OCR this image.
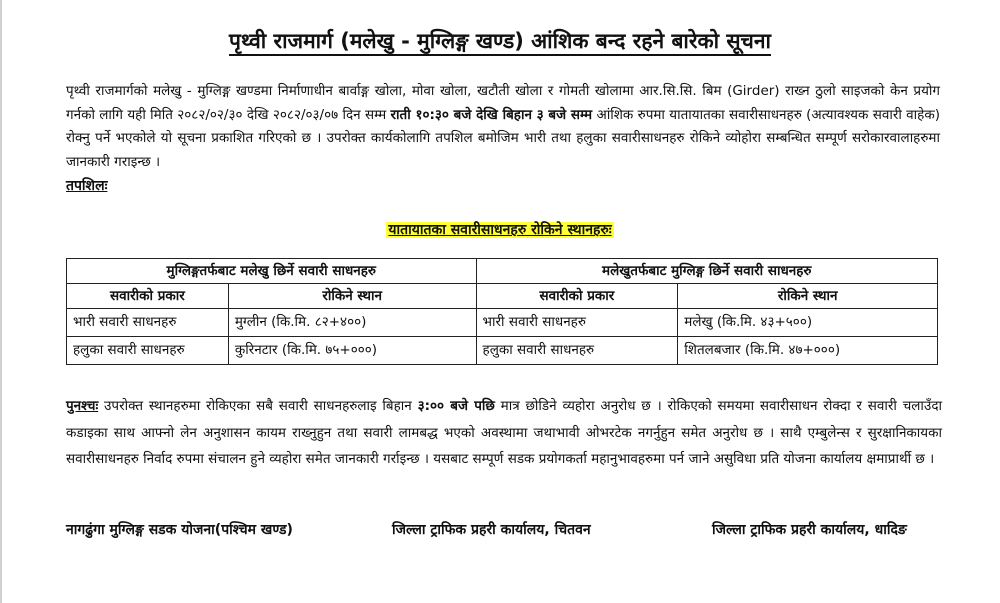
पृथ्वी राजमार्ग (मलेखु - मुग्लिङ्ग खण्ड) आंशिक बन्द रहने बारेको सूचना
पृथ्वी राजमार्गको मलेखु - मुग्लिङ्ग खण्डमा निर्माणाधीन बार्वाङ्ग खोला, मोवा खोला, खटौती खोला र गोमती खोलामा आर.सि.सि. बिम (Girder) राख्न ठुलो साइजको केन प्रयोग गर्नको लागि यही मिति २०८२/०२/३० देखि २०८२/०३/०७ दिन सम्म राती १०:३० बजे देखि बिहान ३ बजे सम्म आंशिक रुपमा यातायातका सवारीसाधनहरु (अत्यावश्यक सवारी वाहेक) रोक्नु पर्ने भएकोले यो सूचना प्रकाशित गरिएको छ । उपरोक्त कार्यकोलागि तपशिल बमोजिम भारी तथा हलुका सवारीसाधनहरु रोकिने व्योहोरा सम्बन्धित सम्पूर्ण सरोकारवालाहरुमा जानकारी गराइन्छ ।
तपशिलः
यातायातका सवारीसाधनहरु रोकिने स्थानहरुः
मुग्लिङ्गतर्फबाट मलेखु छिर्ने सवारी साधनहरु		मलेखुतर्फबाट मुग्लिङ्ग छिर्ने सवारी साधनहरु	
सवारीको प्रकार	रोकिने स्थान	सवारीको प्रकार	रोकिने स्थान
भारी सवारी साधनहरु	मुग्लीन (कि.मि. ८२+४००)	भारी सवारी साधनहरु	मलेखु (कि.मि. ४३+५००)
हलुका सवारी साधनहरु	कुरिनटार (कि.मि. ७५+०००)	हलुका सवारी साधनहरु	शितलबजार (कि.मि. ४७+०००)
पुनश्चः उपरोक्त स्थानहरुमा रोकिएका सबै सवारी साधनहरुलाइ बिहान ३:०० बजे पछि मात्र छोडिने व्यहोरा अनुरोध छ । रोकिएको समयमा सवारीसाधन रोक्दा र सवारी चलाउँदा कडाइका साथ आफ्नो लेन अनुशासन कायम राख्नुहुन तथा सवारी लामबद्ध भएको अवस्थामा जथाभावी ओभरटेक नगर्नुहुन समेत अनुरोध छ । साथै एम्बुलेन्स र सुरक्षानिकायका सवारीसाधनहरु निर्वाद रुपमा संचालन हुने व्यहोरा समेत जानकारी गर्राइन्छ । यसबाट सम्पूर्ण सडक प्रयोगकर्ता महानुभावहरुमा पर्न जाने असुविधा प्रति योजना कार्यालय क्षमाप्रार्थी छ ।
नागढुंगा मुग्लिङ्ग सडक योजना(पश्चिम खण्ड)	जिल्ला ट्राफिक प्रहरी कार्यालय, चितवन	जिल्ला ट्राफिक प्रहरी कार्यालय, धादिङ
